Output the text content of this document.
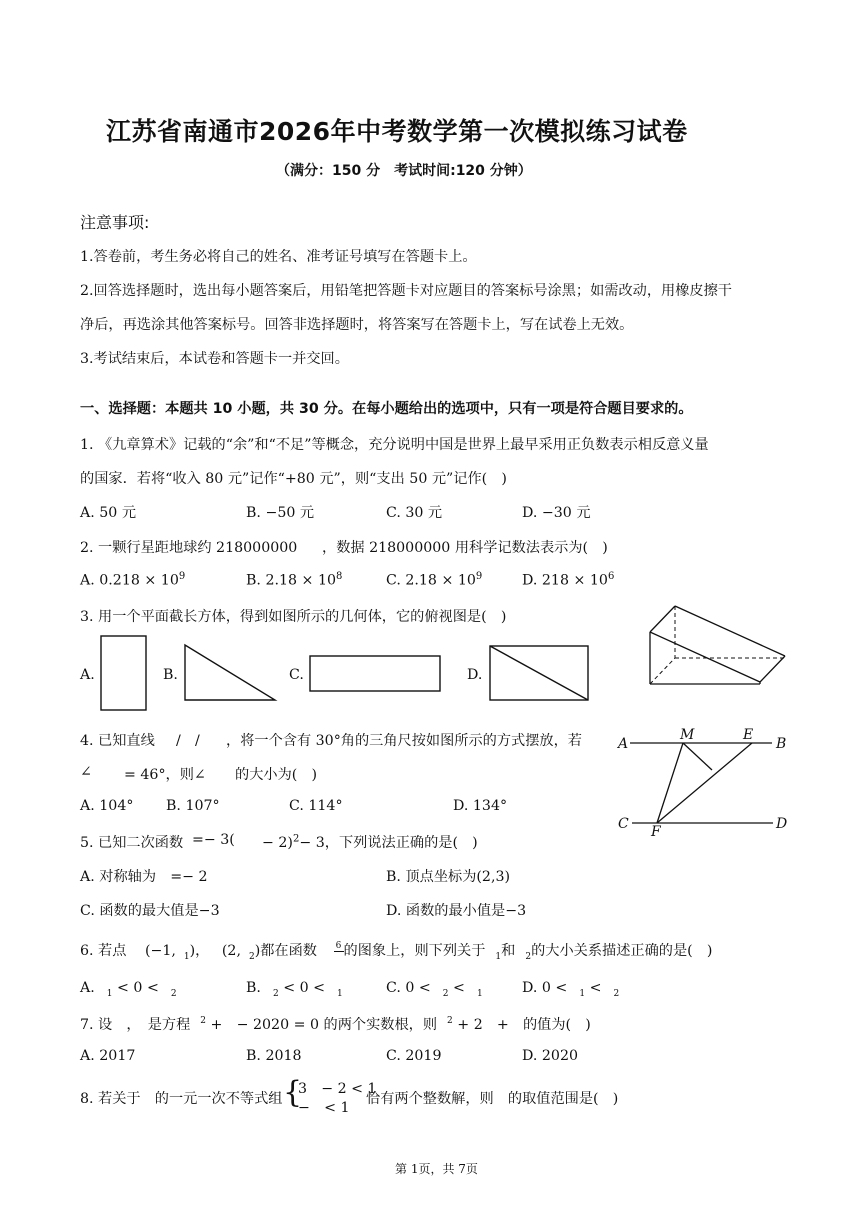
江苏省南通市2026年中考数学第一次模拟练习试卷
（满分：150 分　考试时间:120 分钟）
注意事项:
1.答卷前，考生务必将自己的姓名、准考证号填写在答题卡上。
2.回答选择题时，选出每小题答案后，用铅笔把答题卡对应题目的答案标号涂黑；如需改动，用橡皮擦干
净后，再选涂其他答案标号。回答非选择题时，将答案写在答题卡上，写在试卷上无效。
3.考试结束后，本试卷和答题卡一并交回。
一、选择题：本题共 10 小题，共 30 分。在每小题给出的选项中，只有一项是符合题目要求的。
1. 《九章算术》记载的“余”和“不足”等概念，充分说明中国是世界上最早采用正负数表示相反意义量
的国家．若将“收入 80 元”记作“+80 元”，则“支出 50 元”记作(　)
A. 50 元	B. −50 元	C. 30 元	D. −30 元
2. 一颗行星距地球约 218000000 ，数据 218000000 用科学记数法表示为(　)
A. $0.218 \times 10^9$	B. $2.18 \times 10^8$	C. $2.18 \times 10^9$	D. $218 \times 10^6$
3. 用一个平面截长方体，得到如图所示的几何体，它的俯视图是(　)
A.	B.	C.	D.
4. 已知直线 /　/ ，将一个含有 30°角的三角尺按如图所示的方式摆放，若
∠ = 46°，则∠ 的大小为(　)
A. 104° B. 107°	C. 114°	D. 134°
A
M	E
B
C F	D
5. 已知二次函数 =− $3( - 2)^2- 3$，下列说法正确的是(　)
A. 对称轴为　=− 2	B. 顶点坐标为(2,3)
C. 函数的最大值是−3	D. 函数的最小值是−3
6. 若点 (−1, $_1$)， (2, $_2$)都在函数 6
的图象上，则下列关于 $_1$和 $_2$的大小关系描述正确的是(　)
A. $_1$ < 0 < $_2$	B. $_2$ < 0 < $_1$	C. 0 < $_2$ < $_1$	D. 0 < $_1$ < $_2$
7. 设　，　是方程 $^2$ +　− 2020 = 0 的两个实数根，则 $^2$ + 2　+　的值为(　)
A. 2017	B. 2018	C. 2019	D. 2020
8. 若关于　的一元一次不等式组 {
3　− 2 < 1
−　< 1
恰有两个整数解，则　的取值范围是(　)
第 1页，共 7页
